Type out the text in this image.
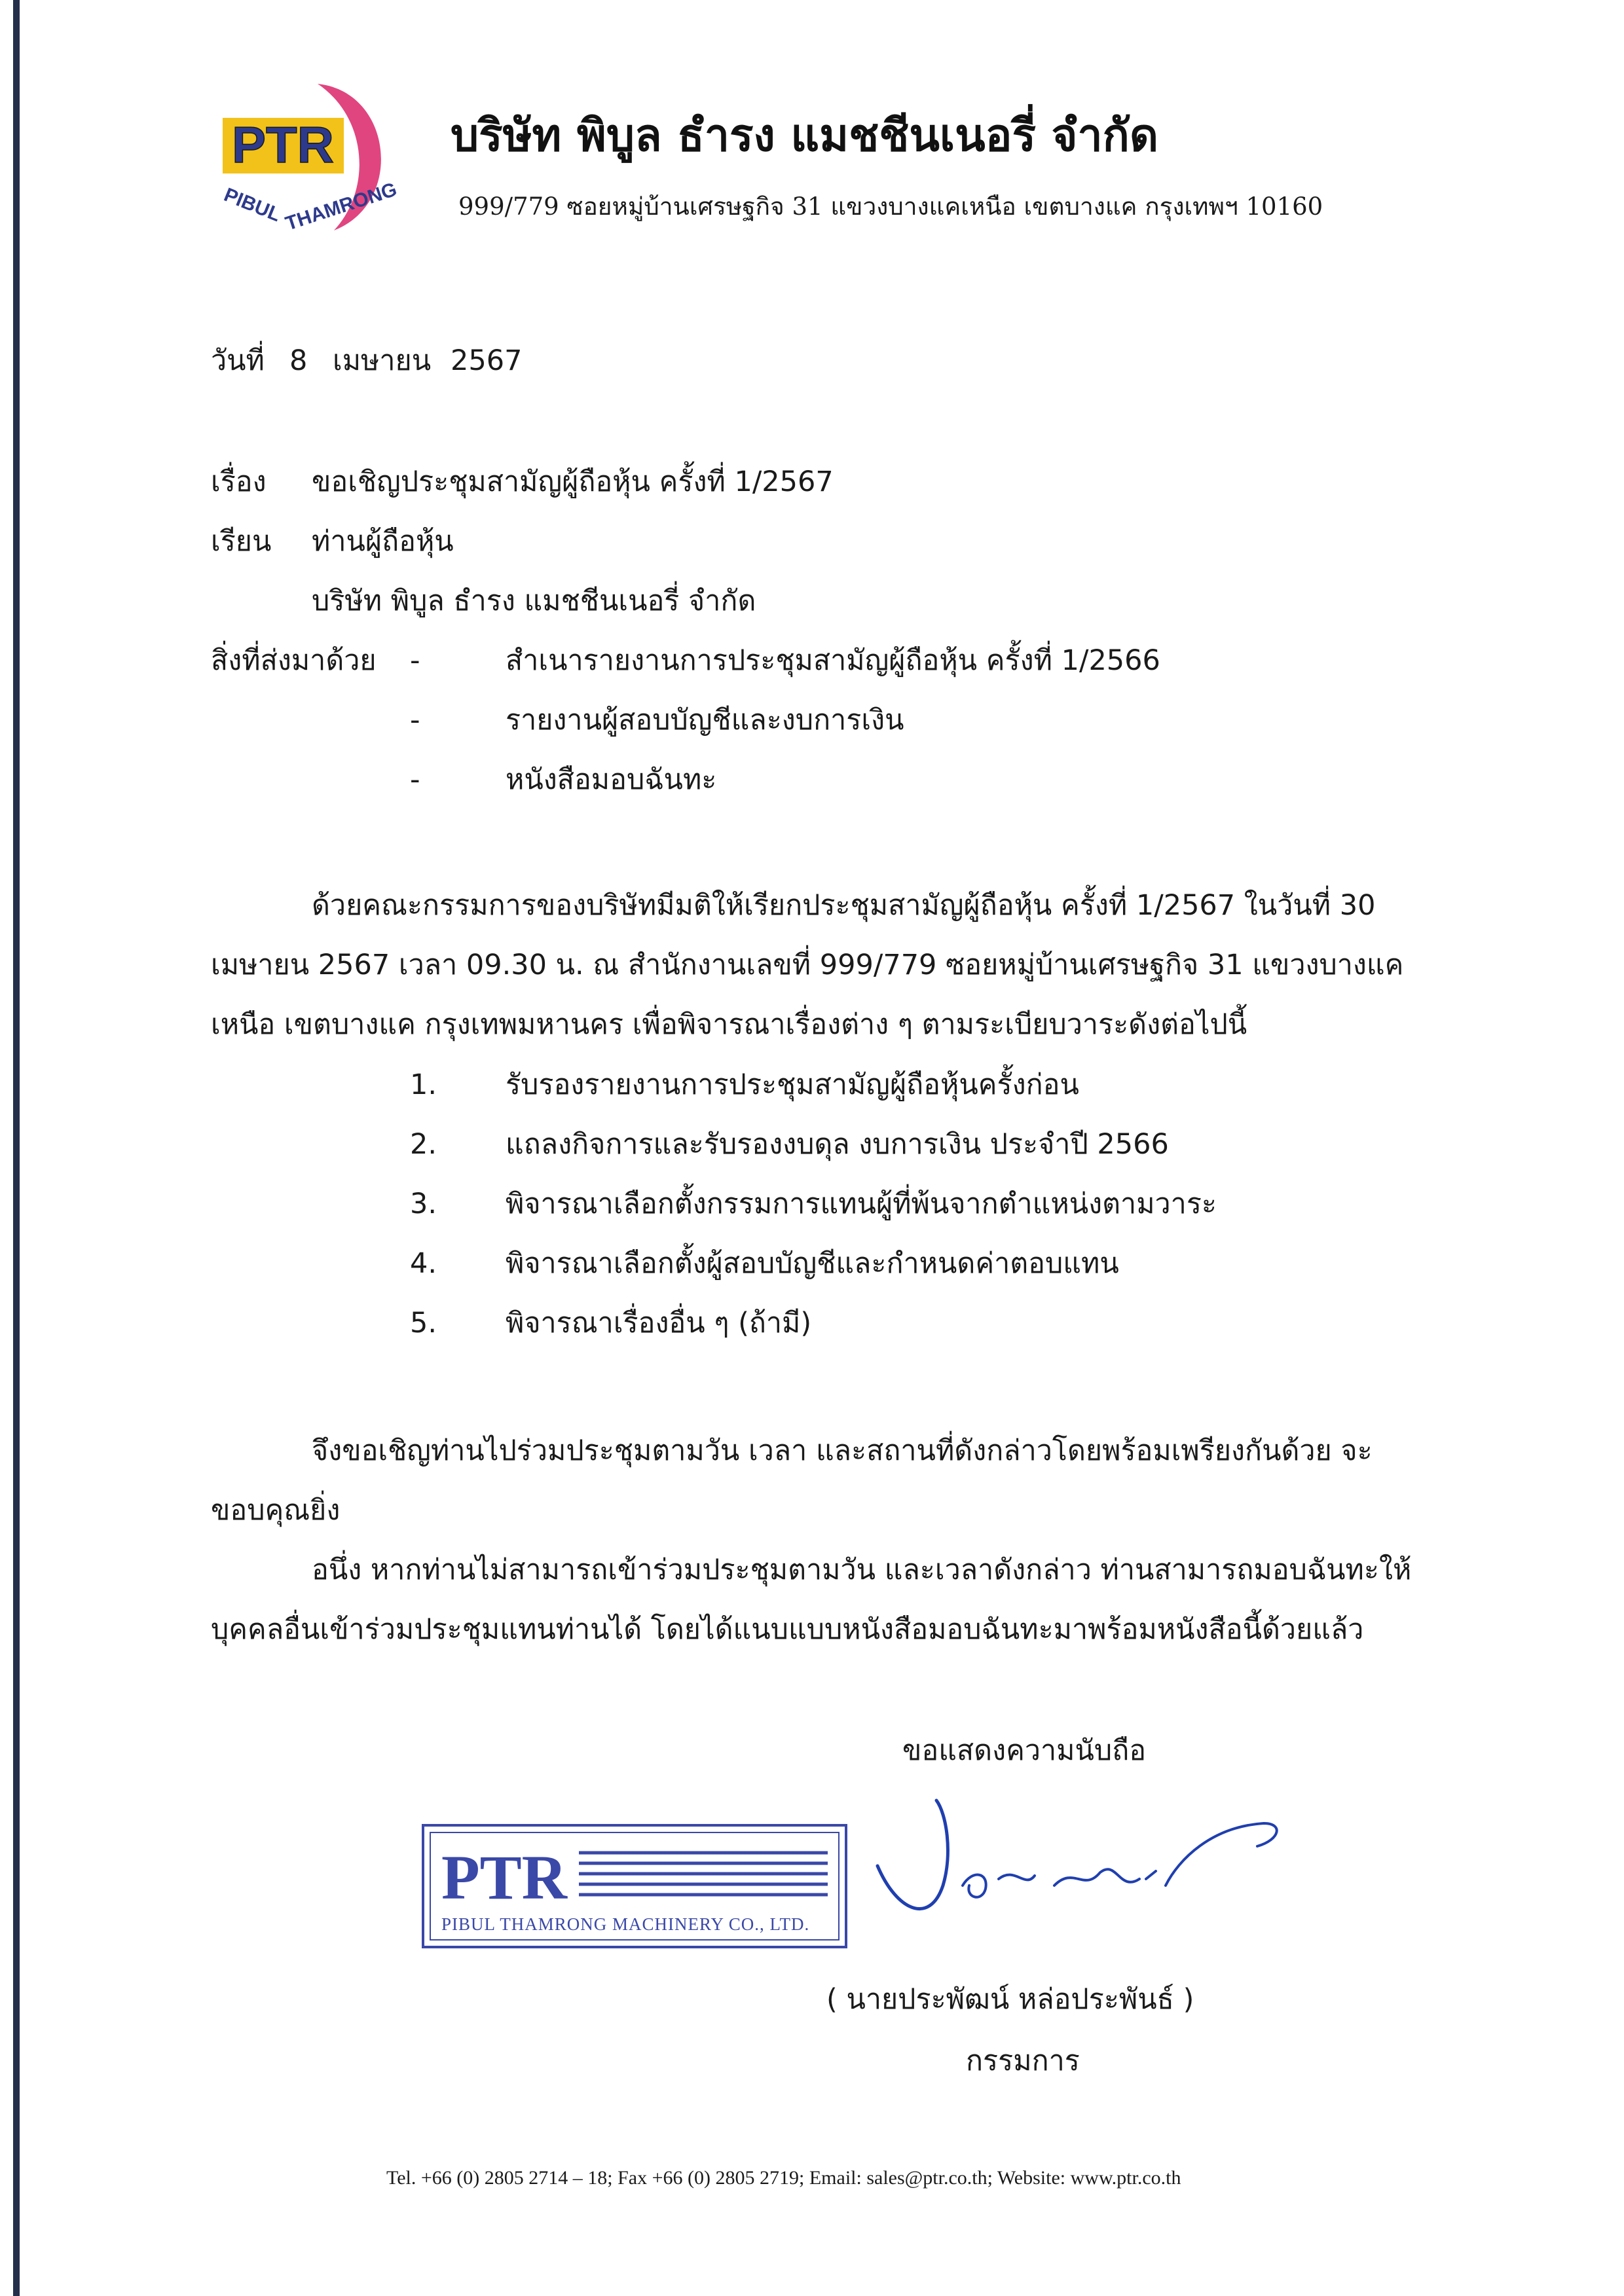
PTR
PIBUL
THAMRONG
บริษัท พิบูล ธำรง แมชชีนเนอรี่ จำกัด
999/779 ซอยหมู่บ้านเศรษฐกิจ 31 แขวงบางแคเหนือ เขตบางแค กรุงเทพฯ 10160
วันที่ 8 เมษายน 2567
เรื่อง ขอเชิญประชุมสามัญผู้ถือหุ้น ครั้งที่ 1/2567
เรียน ท่านผู้ถือหุ้น
บริษัท พิบูล ธำรง แมชชีนเนอรี่ จำกัด
สิ่งที่ส่งมาด้วย -	สำเนารายงานการประชุมสามัญผู้ถือหุ้น ครั้งที่ 1/2566
-	รายงานผู้สอบบัญชีและงบการเงิน
-	หนังสือมอบฉันทะ
ด้วยคณะกรรมการของบริษัทมีมติให้เรียกประชุมสามัญผู้ถือหุ้น ครั้งที่ 1/2567 ในวันที่ 30
เมษายน 2567 เวลา 09.30 น. ณ สำนักงานเลขที่ 999/779 ซอยหมู่บ้านเศรษฐกิจ 31 แขวงบางแค
เหนือ เขตบางแค กรุงเทพมหานคร เพื่อพิจารณาเรื่องต่าง ๆ ตามระเบียบวาระดังต่อไปนี้
1. รับรองรายงานการประชุมสามัญผู้ถือหุ้นครั้งก่อน
2. แถลงกิจการและรับรองงบดุล งบการเงิน ประจำปี 2566
3. พิจารณาเลือกตั้งกรรมการแทนผู้ที่พ้นจากตำแหน่งตามวาระ
4. พิจารณาเลือกตั้งผู้สอบบัญชีและกำหนดค่าตอบแทน
5. พิจารณาเรื่องอื่น ๆ (ถ้ามี)
จึงขอเชิญท่านไปร่วมประชุมตามวัน เวลา และสถานที่ดังกล่าวโดยพร้อมเพรียงกันด้วย จะ
ขอบคุณยิ่ง
อนึ่ง หากท่านไม่สามารถเข้าร่วมประชุมตามวัน และเวลาดังกล่าว ท่านสามารถมอบฉันทะให้
บุคคลอื่นเข้าร่วมประชุมแทนท่านได้ โดยได้แนบแบบหนังสือมอบฉันทะมาพร้อมหนังสือนี้ด้วยแล้ว
ขอแสดงความนับถือ
PTR
PIBUL THAMRONG MACHINERY CO., LTD.
( นายประพัฒน์ หล่อประพันธ์ )
กรรมการ
Tel. +66 (0) 2805 2714 – 18; Fax +66 (0) 2805 2719; Email: sales@ptr.co.th; Website: www.ptr.co.th
